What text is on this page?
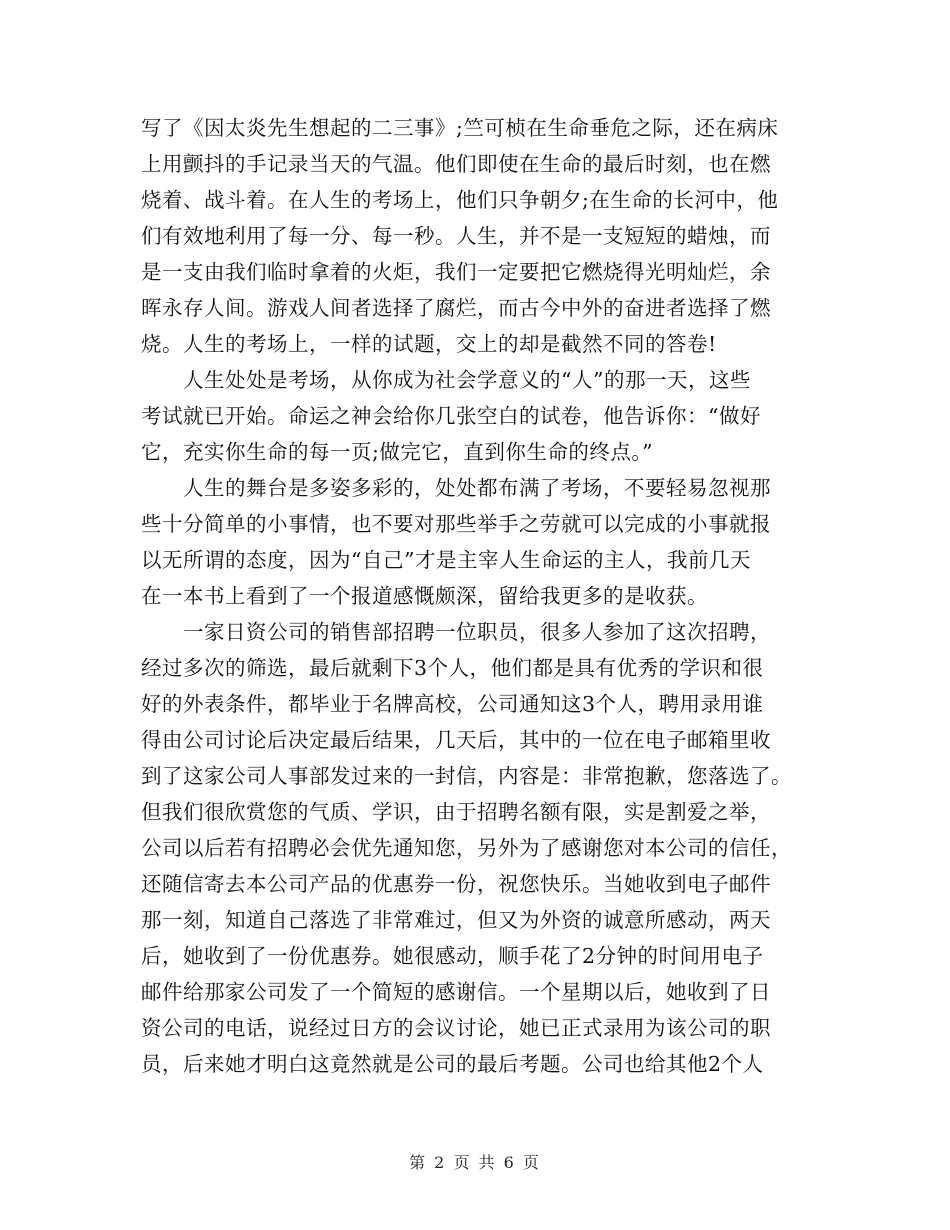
写了《因太炎先生想起的二三事》;竺可桢在生命垂危之际，还在病床
上用颤抖的手记录当天的气温。他们即使在生命的最后时刻，也在燃
烧着、战斗着。在人生的考场上，他们只争朝夕;在生命的长河中，他
们有效地利用了每一分、每一秒。人生，并不是一支短短的蜡烛，而
是一支由我们临时拿着的火炬，我们一定要把它燃烧得光明灿烂，余
晖永存人间。游戏人间者选择了腐烂，而古今中外的奋进者选择了燃
烧。人生的考场上，一样的试题，交上的却是截然不同的答卷!
　　人生处处是考场，从你成为社会学意义的“人”的那一天，这些
考试就已开始。命运之神会给你几张空白的试卷，他告诉你：“做好
它，充实你生命的每一页;做完它，直到你生命的终点。”
　　人生的舞台是多姿多彩的，处处都布满了考场，不要轻易忽视那
些十分简单的小事情，也不要对那些举手之劳就可以完成的小事就报
以无所谓的态度，因为“自己”才是主宰人生命运的主人，我前几天
在一本书上看到了一个报道感慨颇深，留给我更多的是收获。
　　一家日资公司的销售部招聘一位职员，很多人参加了这次招聘，
经过多次的筛选，最后就剩下3个人，他们都是具有优秀的学识和很
好的外表条件，都毕业于名牌高校，公司通知这3个人，聘用录用谁
得由公司讨论后决定最后结果，几天后，其中的一位在电子邮箱里收
到了这家公司人事部发过来的一封信，内容是：非常抱歉，您落选了。
但我们很欣赏您的气质、学识，由于招聘名额有限，实是割爱之举，
公司以后若有招聘必会优先通知您，另外为了感谢您对本公司的信任，
还随信寄去本公司产品的优惠券一份，祝您快乐。当她收到电子邮件
那一刻，知道自己落选了非常难过，但又为外资的诚意所感动，两天
后，她收到了一份优惠券。她很感动，顺手花了2分钟的时间用电子
邮件给那家公司发了一个简短的感谢信。一个星期以后，她收到了日
资公司的电话，说经过日方的会议讨论，她已正式录用为该公司的职
员，后来她才明白这竟然就是公司的最后考题。公司也给其他2个人
第 2 页 共 6 页
